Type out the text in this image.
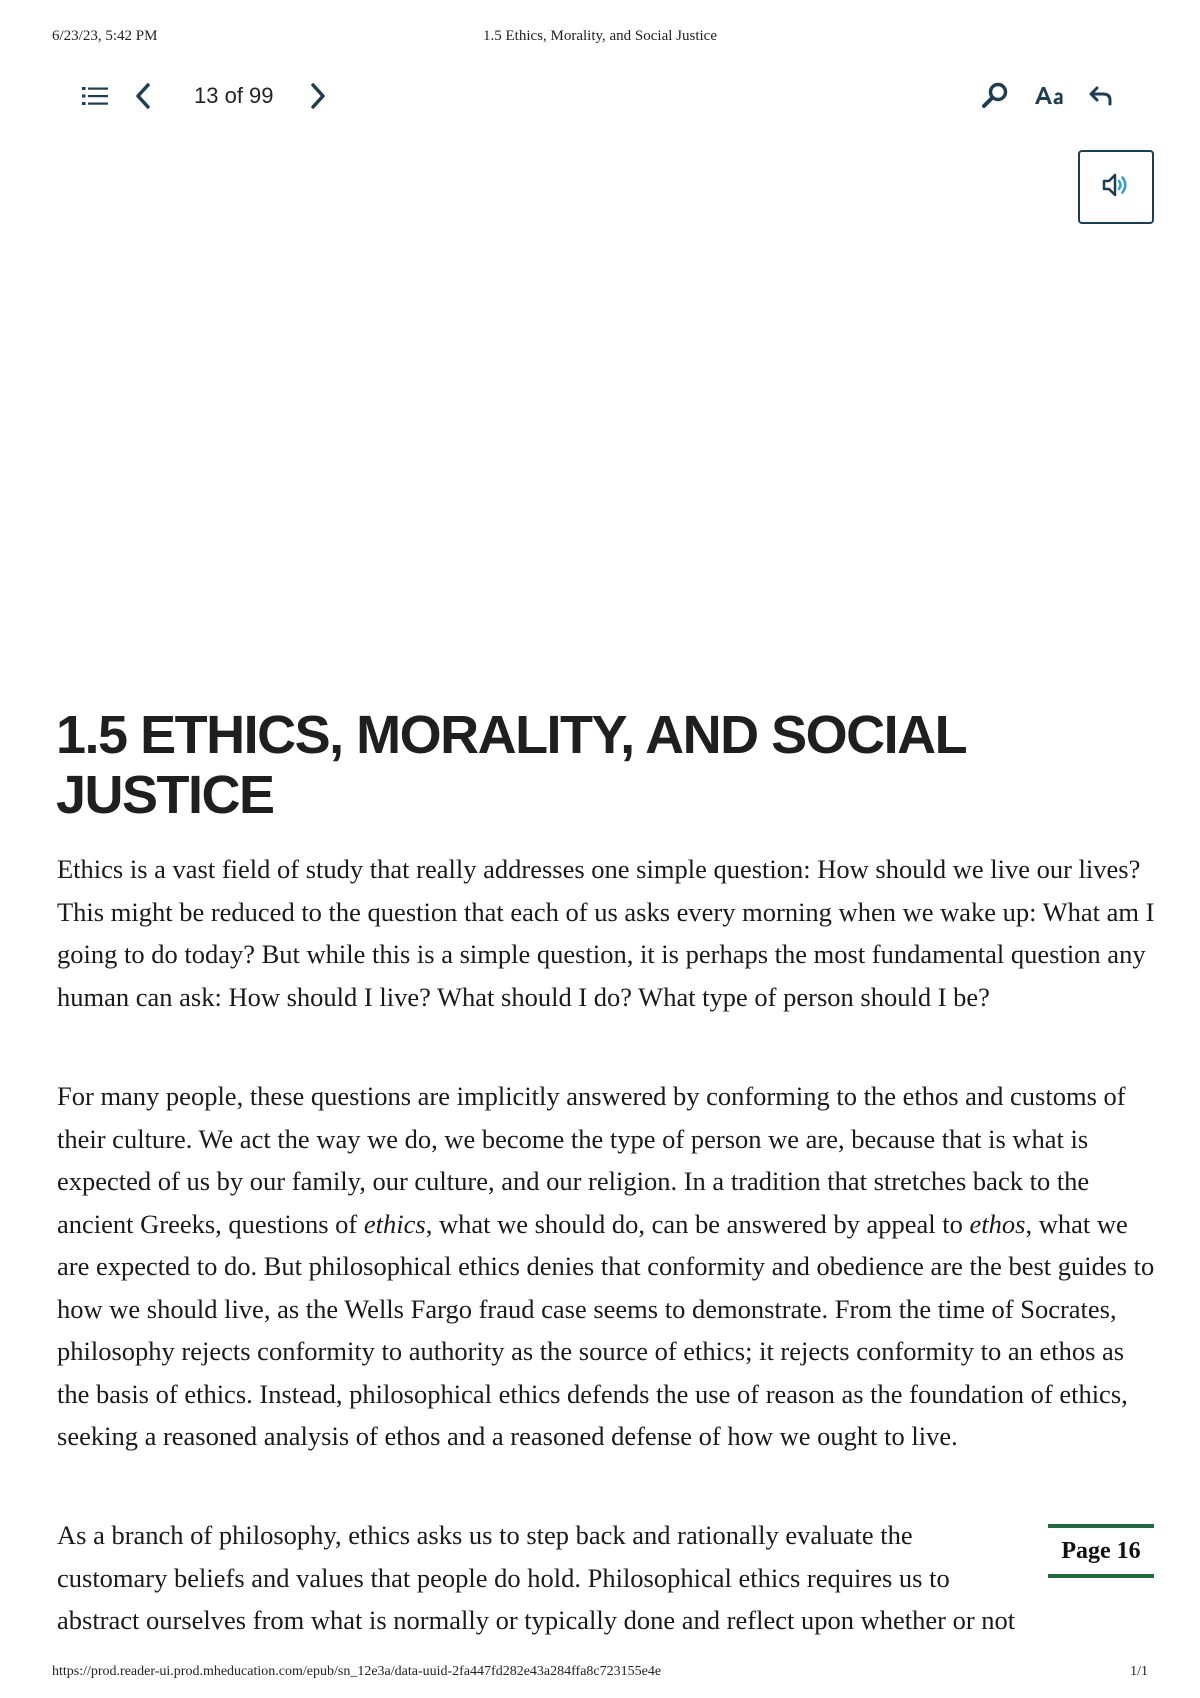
6/23/23, 5:42 PM	1.5 Ethics, Morality, and Social Justice
13 of 99
1.5 ETHICS, MORALITY, AND SOCIAL JUSTICE

Ethics is a vast field of study that really addresses one simple question: How should we live our lives? This might be reduced to the question that each of us asks every morning when we wake up: What am I going to do today? But while this is a simple question, it is perhaps the most fundamental question any human can ask: How should I live? What should I do? What type of person should I be?

For many people, these questions are implicitly answered by conforming to the ethos and customs of their culture. We act the way we do, we become the type of person we are, because that is what is expected of us by our family, our culture, and our religion. In a tradition that stretches back to the ancient Greeks, questions of ethics, what we should do, can be answered by appeal to ethos, what we are expected to do. But philosophical ethics denies that conformity and obedience are the best guides to how we should live, as the Wells Fargo fraud case seems to demonstrate. From the time of Socrates, philosophy rejects conformity to authority as the source of ethics; it rejects conformity to an ethos as the basis of ethics. Instead, philosophical ethics defends the use of reason as the foundation of ethics, seeking a reasoned analysis of ethos and a reasoned defense of how we ought to live.

As a branch of philosophy, ethics asks us to step back and rationally evaluate the customary beliefs and values that people do hold. Philosophical ethics requires us to abstract ourselves from what is normally or typically done and reflect upon whether or not

Page 16
https://prod.reader-ui.prod.mheducation.com/epub/sn_12e3a/data-uuid-2fa447fd282e43a284ffa8c723155e4e	1/1
